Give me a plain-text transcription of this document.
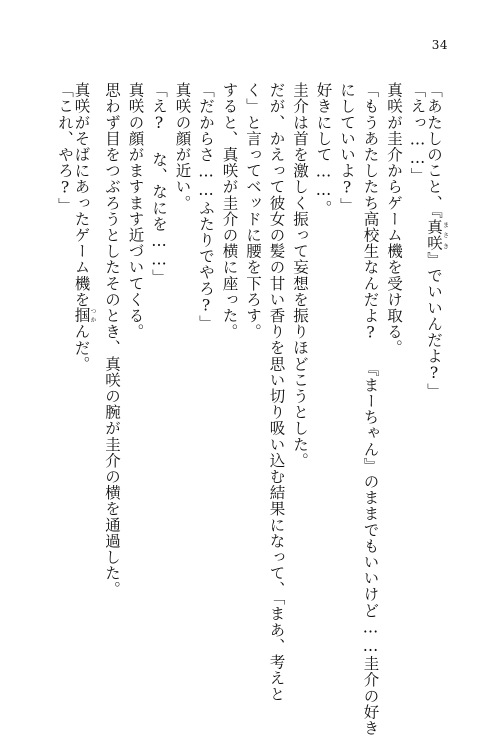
34
「あたしのこと、『真咲まさき』でいいんだよ?」
「えっ……」
真咲が圭介からゲーム機を受け取る。
「もうあたしたち高校生なんだよ? 『まーちゃん』のままでもいいけど……圭介の好き
にしていいよ?」
好きにして……。
圭介は首を激しく振って妄想を振りほどこうとした。
だが、かえって彼女の髪の甘い香りを思い切り吸い込む結果になって、「まあ、考えと
く」と言ってベッドに腰を下ろす。
すると、真咲が圭介の横に座った。
「だからさ……ふたりでやろ?」
真咲の顔が近い。
「え? な、なにを……」
真咲の顔がますます近づいてくる。
思わず目をつぶろうとしたそのとき、真咲の腕が圭介の横を通過した。
真咲がそばにあったゲーム機を掴つかんだ。
「これ、やろ?」
